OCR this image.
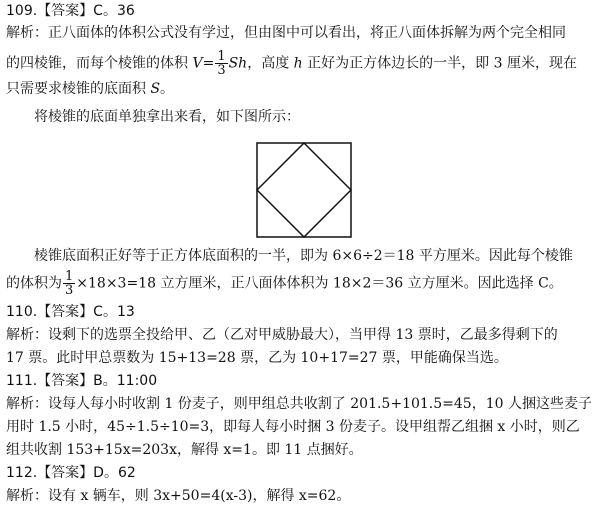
109.【答案】C。36
解析：正八面体的体积公式没有学过，但由图中可以看出，将正八面体拆解为两个完全相同
的四棱锥，而每个棱锥的体积 $V= \frac{1}{3}$ Sh，高度 h 正好为正方体边长的一半，即 3 厘米，现在
只需要求棱锥的底面积 S。
将棱锥的底面单独拿出来看，如下图所示：
棱锥底面积正好等于正方体底面积的一半，即为 6×6÷2＝18 平方厘米。因此每个棱锥
的体积为 $\frac{1}{3} \times 18\times 3=18$ 立方厘米，正八面体体积为 18×2＝36 立方厘米。因此选择 C。
110.【答案】C。13
解析：设剩下的选票全投给甲、乙（乙对甲威胁最大），当甲得 13 票时，乙最多得剩下的
17 票。此时甲总票数为 15+13=28 票，乙为 10+17=27 票，甲能确保当选。
111.【答案】B。11:00
解析：设每人每小时收割 1 份麦子，则甲组总共收割了 201.5+101.5=45，10 人捆这些麦子
用时 1.5 小时，45÷1.5÷10=3，即每人每小时捆 3 份麦子。设甲组帮乙组捆 x 小时，则乙
组共收割 153+15x=203x，解得 x=1。即 11 点捆好。
112.【答案】D。62
解析：设有 x 辆车，则 3x+50=4(x-3)，解得 x=62。
